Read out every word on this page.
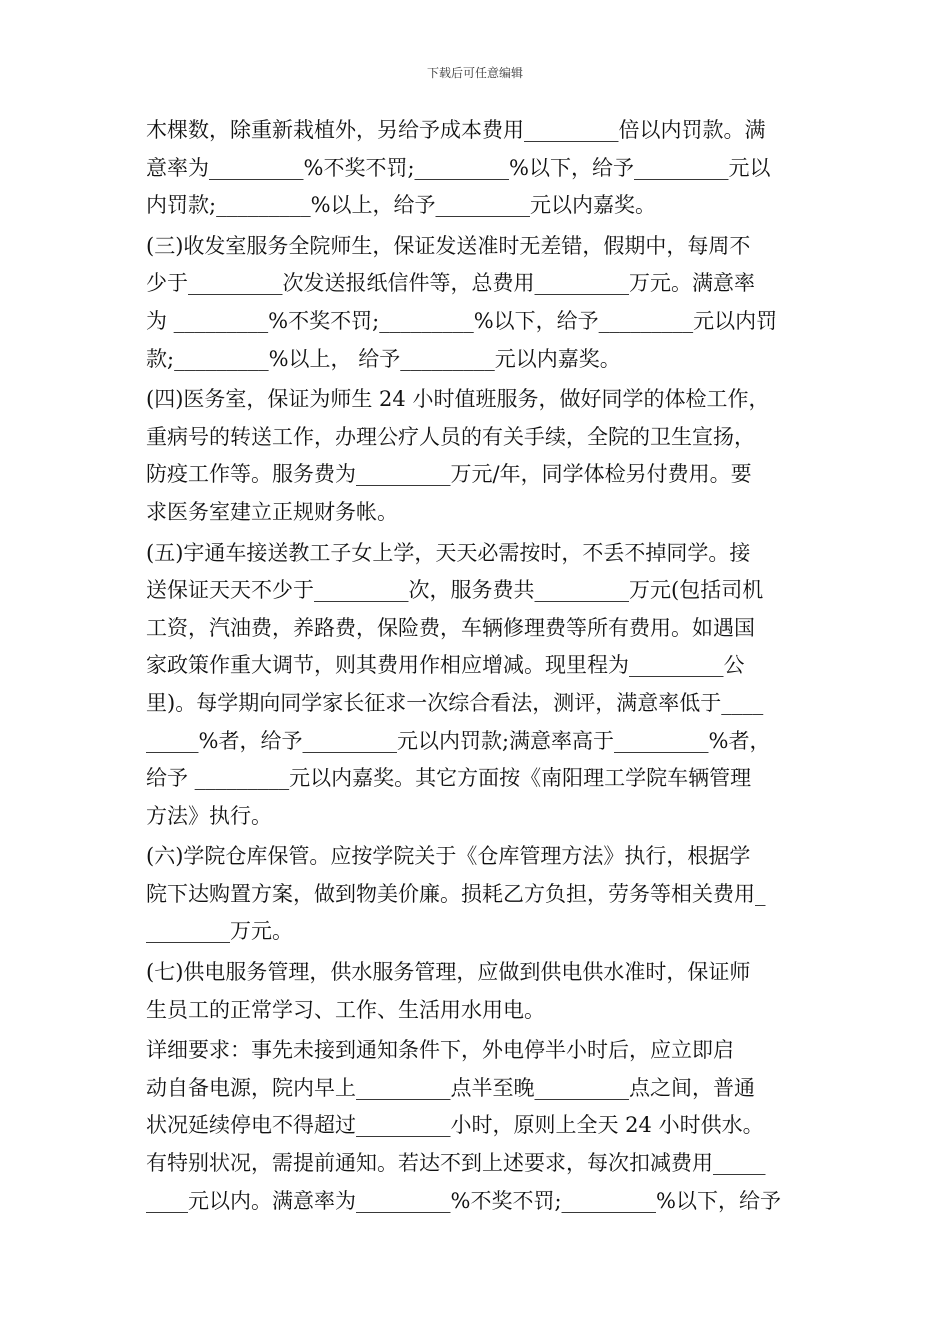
下载后可任意编辑
木棵数，除重新栽植外，另给予成本费用_________倍以内罚款。满
意率为_________%不奖不罚;_________%以下，给予_________元以
内罚款;_________%以上，给予_________元以内嘉奖。
(三)收发室服务全院师生，保证发送准时无差错，假期中，每周不
少于_________次发送报纸信件等，总费用_________万元。满意率
为 _________%不奖不罚;_________%以下，给予_________元以内罚
款;_________%以上， 给予_________元以内嘉奖。
(四)医务室，保证为师生 24 小时值班服务，做好同学的体检工作，
重病号的转送工作，办理公疗人员的有关手续，全院的卫生宣扬，
防疫工作等。服务费为_________万元/年，同学体检另付费用。要
求医务室建立正规财务帐。
(五)宇通车接送教工子女上学，天天必需按时，不丢不掉同学。接
送保证天天不少于_________次，服务费共_________万元(包括司机
工资，汽油费，养路费，保险费，车辆修理费等所有费用。如遇国
家政策作重大调节，则其费用作相应增减。现里程为_________公
里)。每学期向同学家长征求一次综合看法，测评，满意率低于____
_____%者，给予_________元以内罚款;满意率高于_________%者，
给予 _________元以内嘉奖。其它方面按《南阳理工学院车辆管理
方法》执行。
(六)学院仓库保管。应按学院关于《仓库管理方法》执行，根据学
院下达购置方案，做到物美价廉。损耗乙方负担，劳务等相关费用_
________万元。
(七)供电服务管理，供水服务管理，应做到供电供水准时，保证师
生员工的正常学习、工作、生活用水用电。
详细要求：事先未接到通知条件下，外电停半小时后，应立即启
动自备电源，院内早上_________点半至晚_________点之间，普通
状况延续停电不得超过_________小时，原则上全天 24 小时供水。
有特别状况，需提前通知。若达不到上述要求，每次扣减费用_____
____元以内。满意率为_________%不奖不罚;_________%以下，给予
